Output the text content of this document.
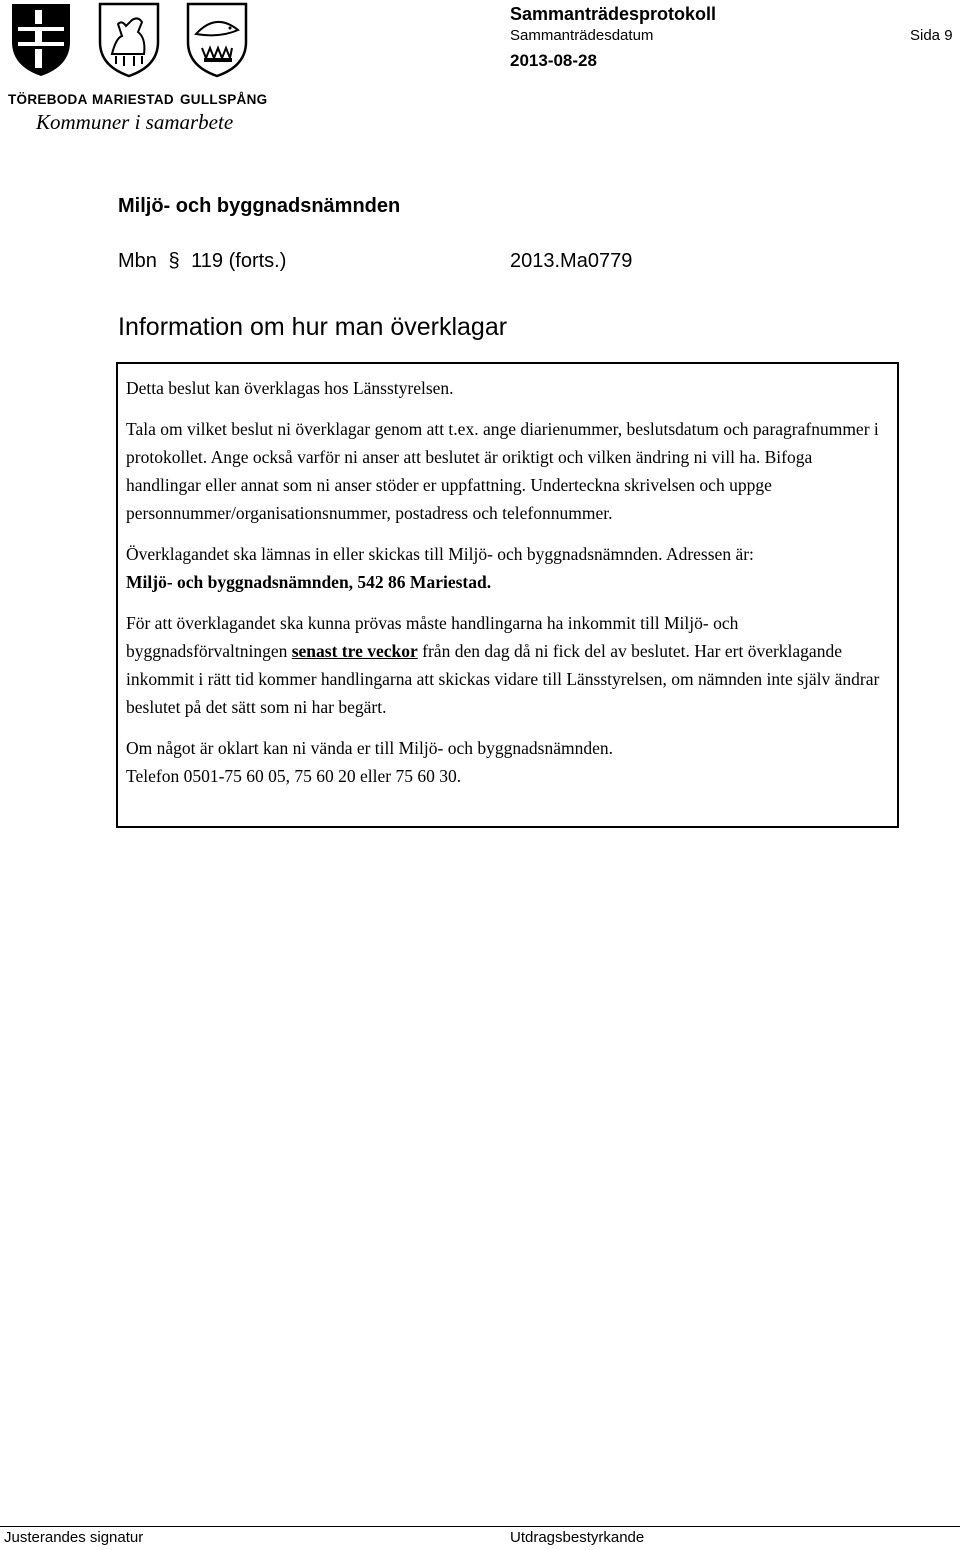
TÖREBODA MARIESTAD GULLSPÅNG
Kommuner i samarbete
Sammanträdesprotokoll
Sammanträdesdatum	Sida 9
2013-08-28
Miljö- och byggnadsnämnden
Mbn § 119 (forts.)	2013.Ma0779
Information om hur man överklagar

Detta beslut kan överklagas hos Länsstyrelsen.

Tala om vilket beslut ni överklagar genom att t.ex. ange diarienummer, beslutsdatum och paragrafnummer i protokollet. Ange också varför ni anser att beslutet är oriktigt och vilken ändring ni vill ha. Bifoga handlingar eller annat som ni anser stöder er uppfattning. Underteckna skrivelsen och uppge personnummer/organisationsnummer, postadress och telefonnummer.

Överklagandet ska lämnas in eller skickas till Miljö- och byggnadsnämnden. Adressen är:
Miljö- och byggnadsnämnden, 542 86 Mariestad.

För att överklagandet ska kunna prövas måste handlingarna ha inkommit till Miljö- och byggnadsförvaltningen senast tre veckor från den dag då ni fick del av beslutet. Har ert överklagande inkommit i rätt tid kommer handlingarna att skickas vidare till Länsstyrelsen, om nämnden inte själv ändrar beslutet på det sätt som ni har begärt.

Om något är oklart kan ni vända er till Miljö- och byggnadsnämnden.
Telefon 0501-75 60 05, 75 60 20 eller 75 60 30.

Justerandes signatur	Utdragsbestyrkande
